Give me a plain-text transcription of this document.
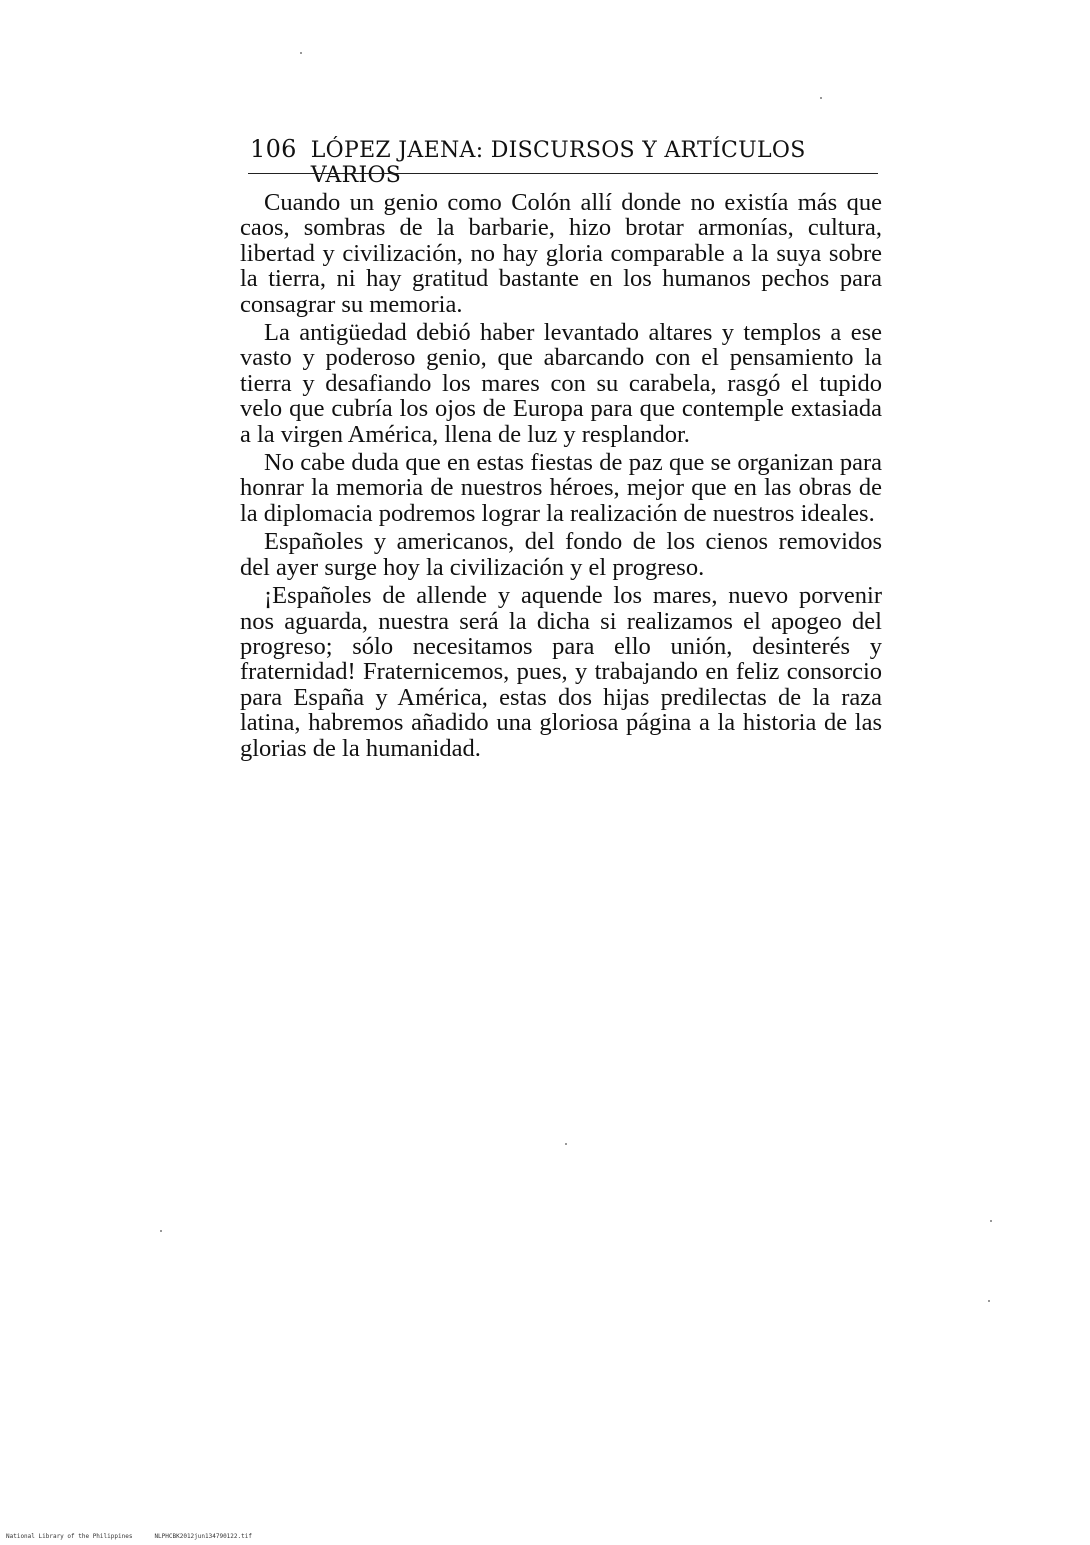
106 LÓPEZ JAENA: DISCURSOS Y ARTÍCULOS VARIOS

Cuando un genio como Colón allí donde no existía más que caos, sombras de la barbarie, hizo brotar armonías, cultura, libertad y civilización, no hay gloria comparable a la suya sobre la tierra, ni hay gratitud bastante en los humanos pechos para consagrar su memoria.

La antigüedad debió haber levantado altares y templos a ese vasto y poderoso genio, que abarcando con el pensamiento la tierra y desafiando los mares con su carabela, rasgó el tupido velo que cubría los ojos de Europa para que contemple extasiada a la virgen América, llena de luz y resplandor.

No cabe duda que en estas fiestas de paz que se organizan para honrar la memoria de nuestros héroes, mejor que en las obras de la diplomacia podremos lograr la realización de nuestros ideales.

Españoles y americanos, del fondo de los cienos removidos del ayer surge hoy la civilización y el progreso.

¡Españoles de allende y aquende los mares, nuevo porvenir nos aguarda, nuestra será la dicha si realizamos el apogeo del progreso; sólo necesitamos para ello unión, desinterés y fraternidad! Fraternicemos, pues, y trabajando en feliz consorcio para España y América, estas dos hijas predilectas de la raza latina, habremos añadido una gloriosa página a la historia de las glorias de la humanidad.

National Library of the Philippines	NLPHCBK2012jun134790122.tif
